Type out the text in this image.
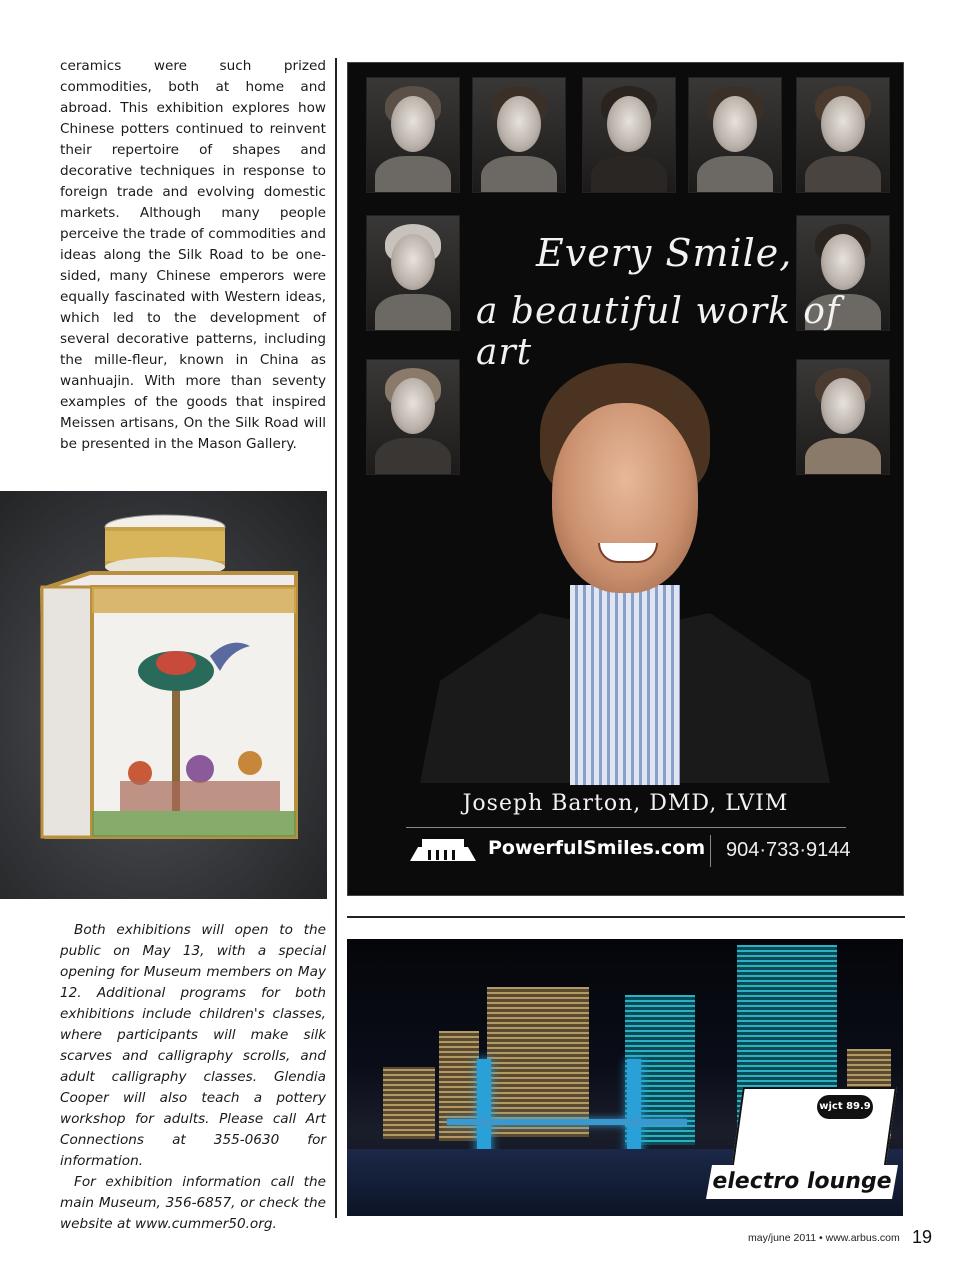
ceramics were such prized commodities, both at home and abroad. This exhibition explores how Chinese potters continued to reinvent their repertoire of shapes and decorative techniques in response to foreign trade and evolving domestic markets. Although many people perceive the trade of commodities and ideas along the Silk Road to be one-sided, many Chinese emperors were equally fascinated with Western ideas, which led to the development of several decorative patterns, including the mille-fleur, known in China as wanhuajin. With more than seventy examples of the goods that inspired Meissen artisans, On the Silk Road will be presented in the Mason Gallery.

Both exhibitions will open to the public on May 13, with a special opening for Museum members on May 12. Additional programs for both exhibitions include children's classes, where participants will make silk scarves and calligraphy scrolls, and adult calligraphy classes. Glendia Cooper will also teach a pottery workshop for adults. Please call Art Connections at 355-0630 for information.

For exhibition information call the main Museum, 356-6857, or check the website at www.cummer50.org.

Every Smile,
a beautiful work of art
Joseph Barton, DMD, LVIM
PowerfulSmiles.com 904·733·9144
wjct 89.9
electro lounge
may/june 2011 • www.arbus.com 19
